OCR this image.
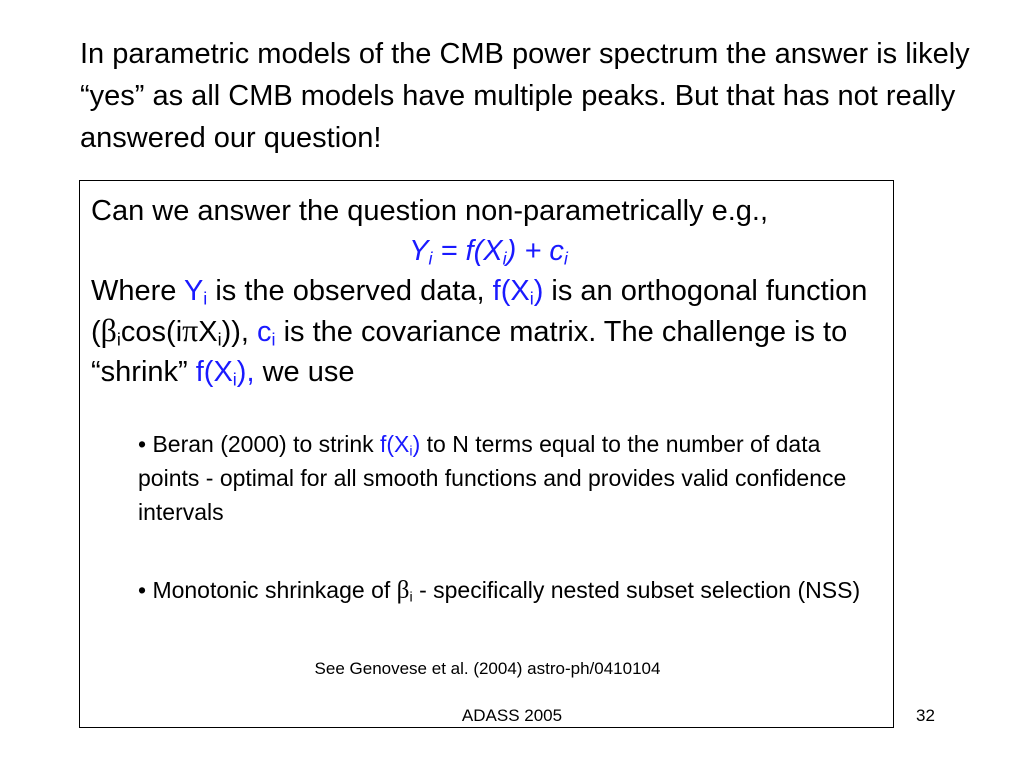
In parametric models of the CMB power spectrum the answer is likely “yes” as all CMB models have multiple peaks. But that has not really answered our question!

Can we answer the question non-parametrically e.g.,

$Y_i = f(X_i) + c_i$

Where $Y_i$ is the observed data, $f(X_i)$ is an orthogonal function $(\beta_i\cos(i\pi X_i))$, $c_i$ is the covariance matrix. The challenge is to “shrink” $f(X_i)$, we use

• Beran (2000) to strink $f(X_i)$ to N terms equal to the number of data points - optimal for all smooth functions and provides valid confidence intervals

• Monotonic shrinkage of $\beta_i$ - specifically nested subset selection (NSS)

See Genovese et al. (2004) astro-ph/0410104

ADASS 2005	32
